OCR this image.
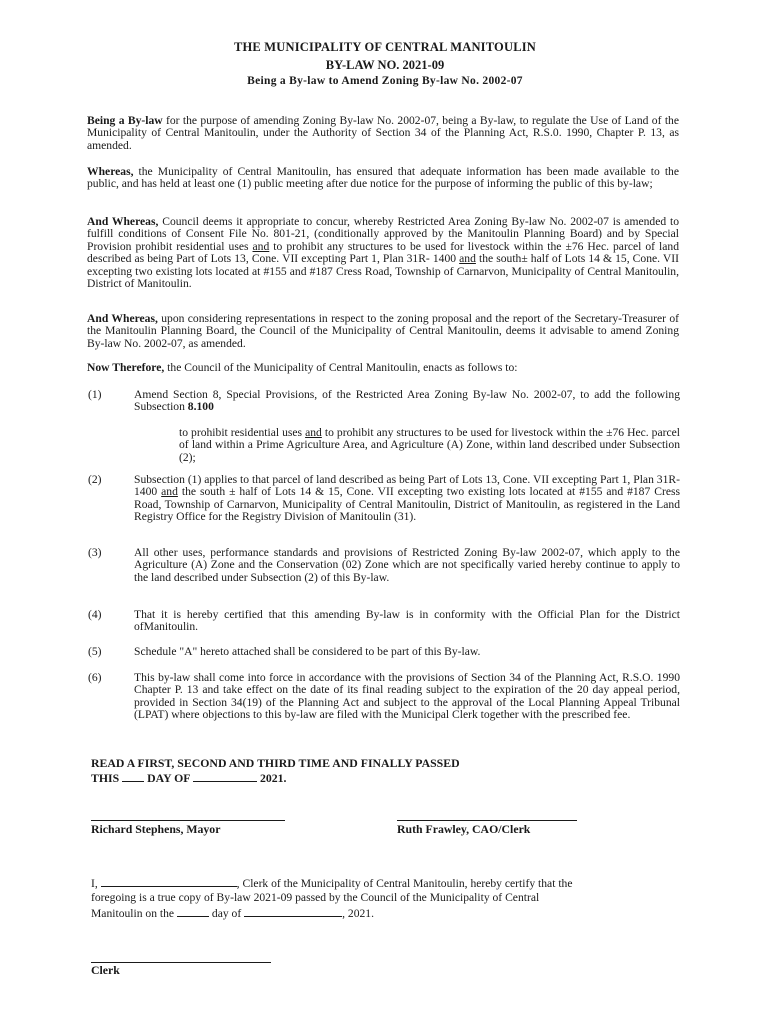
THE MUNICIPALITY OF CENTRAL MANITOULIN
BY-LAW NO. 2021-09
Being a By-law to Amend Zoning By-law No. 2002-07

Being a By-law for the purpose of amending Zoning By-law No. 2002-07, being a By-law, to regulate the Use of Land of the Municipality of Central Manitoulin, under the Authority of Section 34 of the Planning Act, R.S.0. 1990, Chapter P. 13, as amended.

Whereas, the Municipality of Central Manitoulin, has ensured that adequate information has been made available to the public, and has held at least one (1) public meeting after due notice for the purpose of informing the public of this by-law;

And Whereas, Council deems it appropriate to concur, whereby Restricted Area Zoning By-law No. 2002-07 is amended to fulfill conditions of Consent File No. 801-21, (conditionally approved by the Manitoulin Planning Board) and by Special Provision prohibit residential uses and to prohibit any structures to be used for livestock within the ±76 Hec. parcel of land described as being Part of Lots 13, Cone. VII excepting Part 1, Plan 31R- 1400 and the south± half of Lots 14 & 15, Cone. VII excepting two existing lots located at #155 and #187 Cress Road, Township of Carnarvon, Municipality of Central Manitoulin, District of Manitoulin.

And Whereas, upon considering representations in respect to the zoning proposal and the report of the Secretary-Treasurer of the Manitoulin Planning Board, the Council of the Municipality of Central Manitoulin, deems it advisable to amend Zoning By-law No. 2002-07, as amended.

Now Therefore, the Council of the Municipality of Central Manitoulin, enacts as follows to:

(1)	Amend Section 8, Special Provisions, of the Restricted Area Zoning By-law No. 2002-07, to add the following Subsection 8.100

to prohibit residential uses and to prohibit any structures to be used for livestock within the ±76 Hec. parcel of land within a Prime Agriculture Area, and Agriculture (A) Zone, within land described under Subsection (2);

(2)	Subsection (1) applies to that parcel of land described as being Part of Lots 13, Cone. VII excepting Part 1, Plan 31R-1400 and the south ± half of Lots 14 & 15, Cone. VII excepting two existing lots located at #155 and #187 Cress Road, Township of Carnarvon, Municipality of Central Manitoulin, District of Manitoulin, as registered in the Land Registry Office for the Registry Division of Manitoulin (31).

(3)	All other uses, performance standards and provisions of Restricted Zoning By-law 2002-07, which apply to the Agriculture (A) Zone and the Conservation (02) Zone which are not specifically varied hereby continue to apply to the land described under Subsection (2) of this By-law.

(4)	That it is hereby certified that this amending By-law is in conformity with the Official Plan for the District ofManitoulin.

(5)	Schedule "A" hereto attached shall be considered to be part of this By-law.

(6)	This by-law shall come into force in accordance with the provisions of Section 34 of the Planning Act, R.S.O. 1990 Chapter P. 13 and take effect on the date of its final reading subject to the expiration of the 20 day appeal period, provided in Section 34(19) of the Planning Act and subject to the approval of the Local Planning Appeal Tribunal (LPAT) where objections to this by-law are filed with the Municipal Clerk together with the prescribed fee.

READ A FIRST, SECOND AND THIRD TIME AND FINALLY PASSED

THIS DAY OF	2021.

Richard Stephens, Mayor	Ruth Frawley, CAO/Clerk

I,	, Clerk of the Municipality of Central Manitoulin, hereby certify that the

foregoing is a true copy of By-law 2021-09 passed by the Council of the Municipality of Central

Manitoulin on the	day of	, 2021.

Clerk
